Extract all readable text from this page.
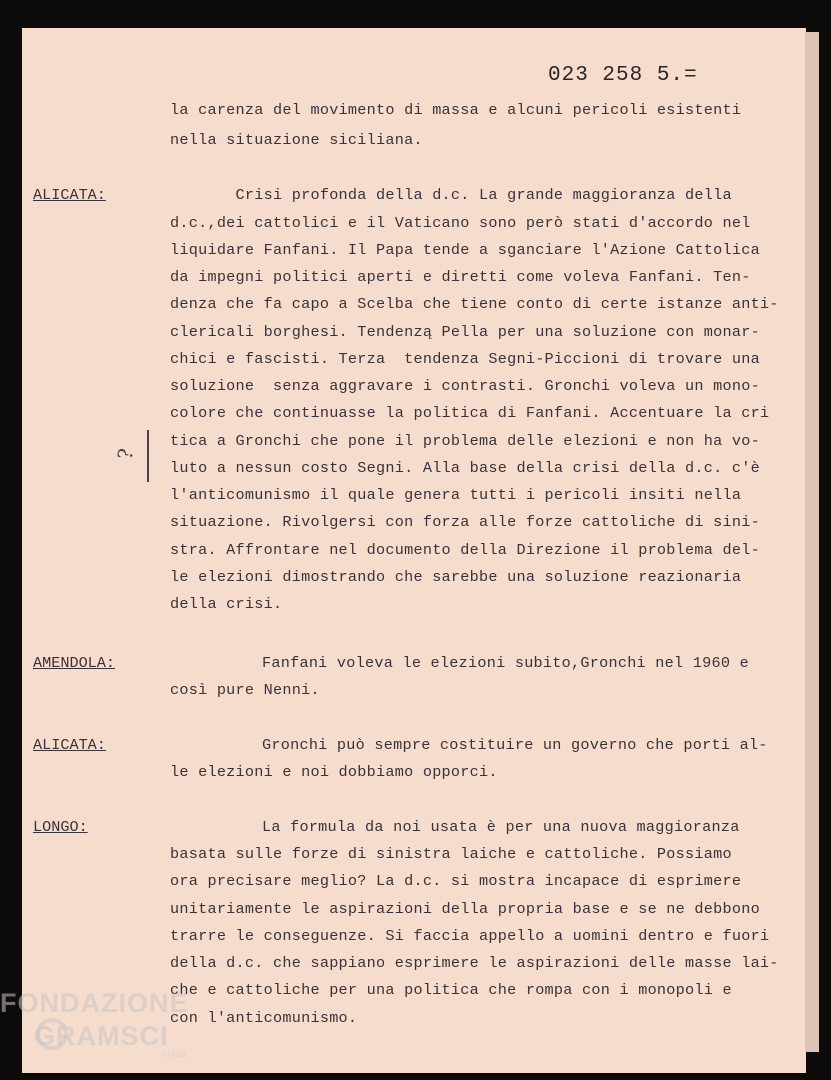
023 258 5.=
la carenza del movimento di massa e alcuni pericoli esistenti
nella situazione siciliana.
ALICATA:	Crisi profonda della d.c. La grande maggioranza della
d.c.,dei cattolici e il Vaticano sono però stati d'accordo nel
liquidare Fanfani. Il Papa tende a sganciare l'Azione Cattolica
da impegni politici aperti e diretti come voleva Fanfani. Ten-
denza che fa capo a Scelba che tiene conto di certe istanze anti-
clericali borghesi. Tendenzą Pella per una soluzione con monar-
chici e fascisti. Terza  tendenza Segni-Piccioni di trovare una
soluzione  senza aggravare i contrasti. Gronchi voleva un mono-
colore che continuasse la politica di Fanfani. Accentuare la cri
tica a Gronchi che pone il problema delle elezioni e non ha vo-
luto a nessun costo Segni. Alla base della crisi della d.c. c'è
l'anticomunismo il quale genera tutti i pericoli insiti nella
situazione. Rivolgersi con forza alle forze cattoliche di sini-
stra. Affrontare nel documento della Direzione il problema del-
le elezioni dimostrando che sarebbe una soluzione reazionaria
della crisi.
?
AMENDOLA:	Fanfani voleva le elezioni subito,Gronchi nel 1960 e
così pure Nenni.
ALICATA:	Gronchi può sempre costituire un governo che porti al-
le elezioni e noi dobbiamo opporci.
LONGO:	La formula da noi usata è per una nuova maggioranza
basata sulle forze di sinistra laiche e cattoliche. Possiamo
ora precisare meglio? La d.c. si mostra incapace di esprimere
unitariamente le aspirazioni della propria base e se ne debbono
trarre le conseguenze. Si faccia appello a uomini dentro e fuori
della d.c. che sappiano esprimere le aspirazioni delle masse lai-
che e cattoliche per una politica che rompa con i monopoli e
con l'anticomunismo.
FONDAZIONE
GRAMSCI
onlus
